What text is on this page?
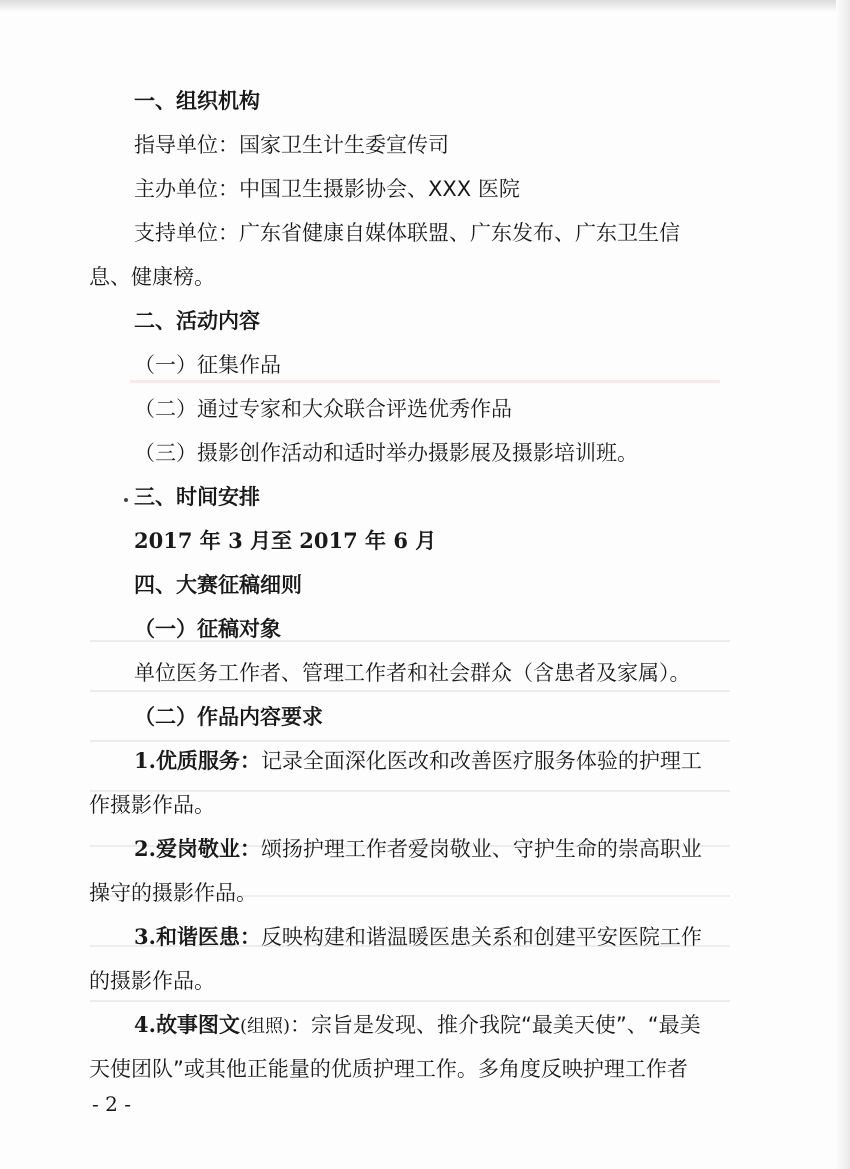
一、组织机构
指导单位：国家卫生计生委宣传司
主办单位：中国卫生摄影协会、XXX 医院
支持单位：广东省健康自媒体联盟、广东发布、广东卫生信
息、健康榜。
二、活动内容
（一）征集作品
（二）通过专家和大众联合评选优秀作品
（三）摄影创作活动和适时举办摄影展及摄影培训班。
三、时间安排
2017 年 3 月至 2017 年 6 月
四、大赛征稿细则
（一）征稿对象
单位医务工作者、管理工作者和社会群众（含患者及家属）。
（二）作品内容要求
1.优质服务：记录全面深化医改和改善医疗服务体验的护理工
作摄影作品。
2.爱岗敬业：颂扬护理工作者爱岗敬业、守护生命的崇高职业
操守的摄影作品。
3.和谐医患：反映构建和谐温暖医患关系和创建平安医院工作
的摄影作品。
4.故事图文(组照)：宗旨是发现、推介我院“最美天使”、“最美
天使团队”或其他正能量的优质护理工作。多角度反映护理工作者
- 2 -
